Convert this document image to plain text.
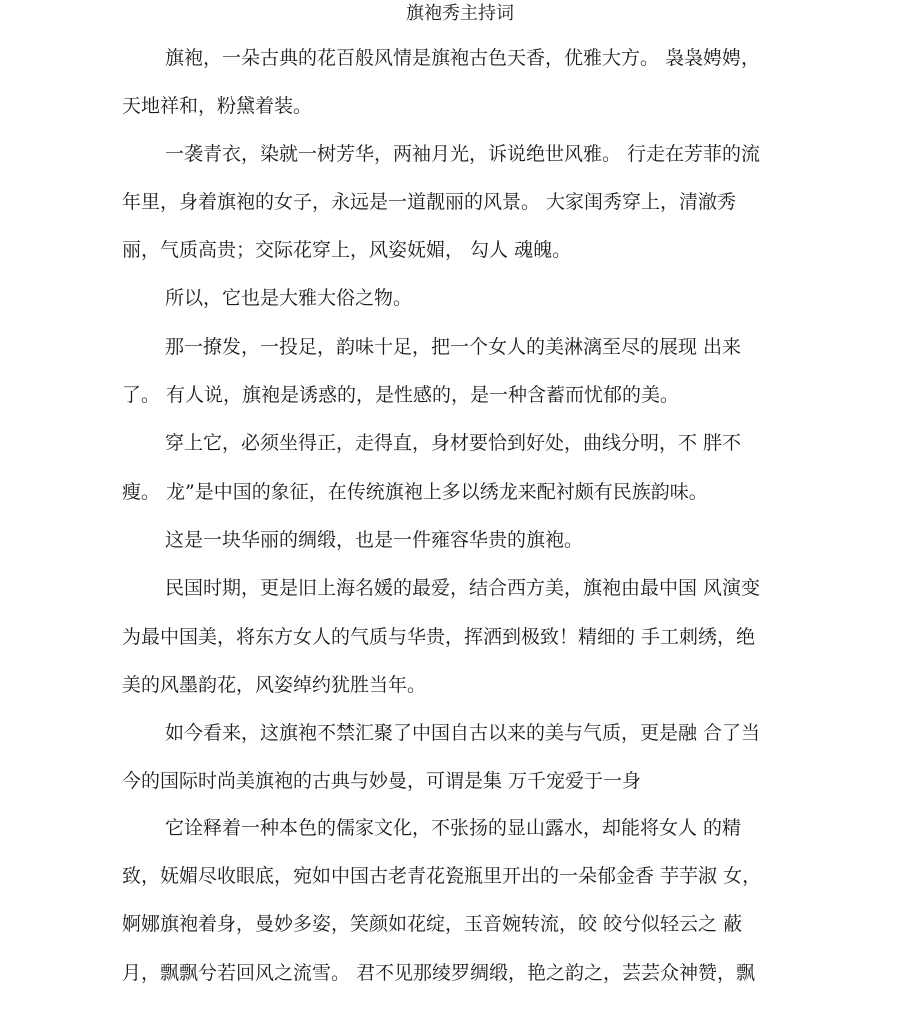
旗袍秀主持词
旗袍，一朵古典的花百般风情是旗袍古色天香，优雅大方。 袅袅娉娉，
天地祥和，粉黛着装。
一袭青衣，染就一树芳华，两袖月光，诉说绝世风雅。 行走在芳菲的流
年里，身着旗袍的女子，永远是一道靓丽的风景。 大家闺秀穿上，清澈秀
丽，气质高贵；交际花穿上，风姿妩媚， 勾人 魂魄。
所以，它也是大雅大俗之物。
那一撩发，一投足，韵味十足，把一个女人的美淋漓至尽的展现 出来
了。 有人说，旗袍是诱惑的，是性感的，是一种含蓄而忧郁的美。
穿上它，必须坐得正，走得直，身材要恰到好处，曲线分明，不 胖不
瘦。 龙”是中国的象征，在传统旗袍上多以绣龙来配衬颇有民族韵味。
这是一块华丽的绸缎，也是一件雍容华贵的旗袍。
民国时期，更是旧上海名媛的最爱，结合西方美，旗袍由最中国 风演变
为最中国美，将东方女人的气质与华贵，挥洒到极致！精细的 手工刺绣，绝
美的风墨韵花，风姿绰约犹胜当年。
如今看来，这旗袍不禁汇聚了中国自古以来的美与气质，更是融 合了当
今的国际时尚美旗袍的古典与妙曼，可谓是集 万千宠爱于一身
它诠释着一种本色的儒家文化，不张扬的显山露水，却能将女人 的精
致，妩媚尽收眼底，宛如中国古老青花瓷瓶里开出的一朵郁金香 芋芋淑 女，
婀娜旗袍着身，曼妙多姿，笑颜如花绽，玉音婉转流，皎 皎兮似轻云之 蔽
月，飘飘兮若回风之流雪。 君不见那绫罗绸缎，艳之韵之，芸芸众神赞，飘
